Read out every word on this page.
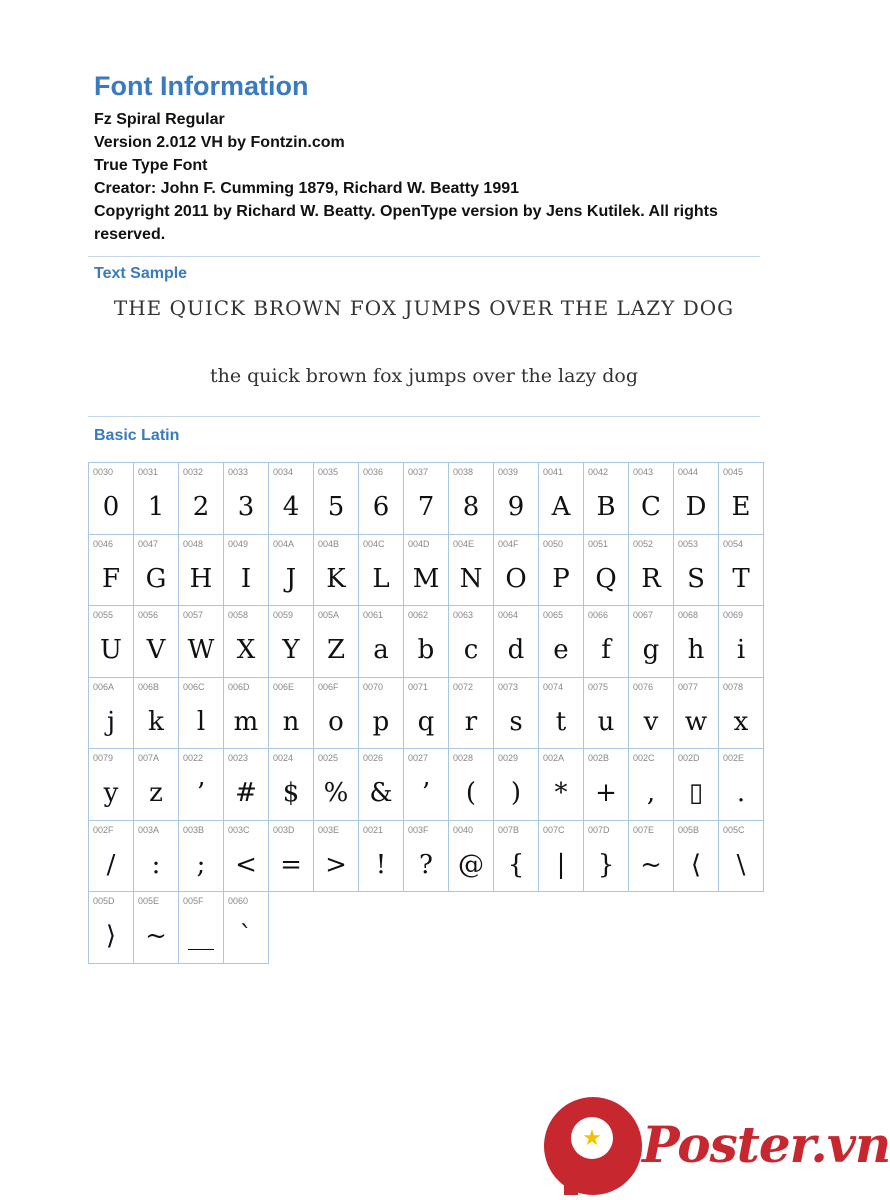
Font Information
Fz Spiral Regular
Version 2.012 VH by Fontzin.com
True Type Font
Creator: John F. Cumming 1879, Richard W. Beatty 1991
Copyright 2011 by Richard W. Beatty. OpenType version by Jens Kutilek. All rights reserved.
Text Sample
THE QUICK BROWN FOX JUMPS OVER THE LAZY DOG
the quick brown fox jumps over the lazy dog
Basic Latin
0030
0
0031
1
0032
2
0033
3
0034
4
0035
5
0036
6
0037
7
0038
8
0039
9
0041
A
0042
B
0043
C
0044
D
0045
E
0046
F
0047
G
0048
H
0049
I
004A
J
004B
K
004C
L
004D
M
004E
N
004F
O
0050
P
0051
Q
0052
R
0053
S
0054
T
0055
U
0056
V
0057
W
0058
X
0059
Y
005A
Z
0061
a
0062
b
0063
c
0064
d
0065
e
0066
f
0067
g
0068
h
0069
i
006A
j
006B
k
006C
l
006D
m
006E
n
006F
o
0070
p
0071
q
0072
r
0073
s
0074
t
0075
u
0076
v
0077
w
0078
x
0079
y
007A
z
0022
’
0023
#
0024
$
0025
%
0026
&
0027
’
0028
(
0029
)
002A
*
002B
+
002C
,
002D
▯
002E
.
002F
/
003A
:
003B
;
003C
<
003D
=
003E
>
0021
!
003F
?
0040
@
007B
{
007C
|
007D
}
007E
~
005B
⟨
005C
\
005D
⟩
005E
~
005F
__
0060
`
★ Poster.vn
